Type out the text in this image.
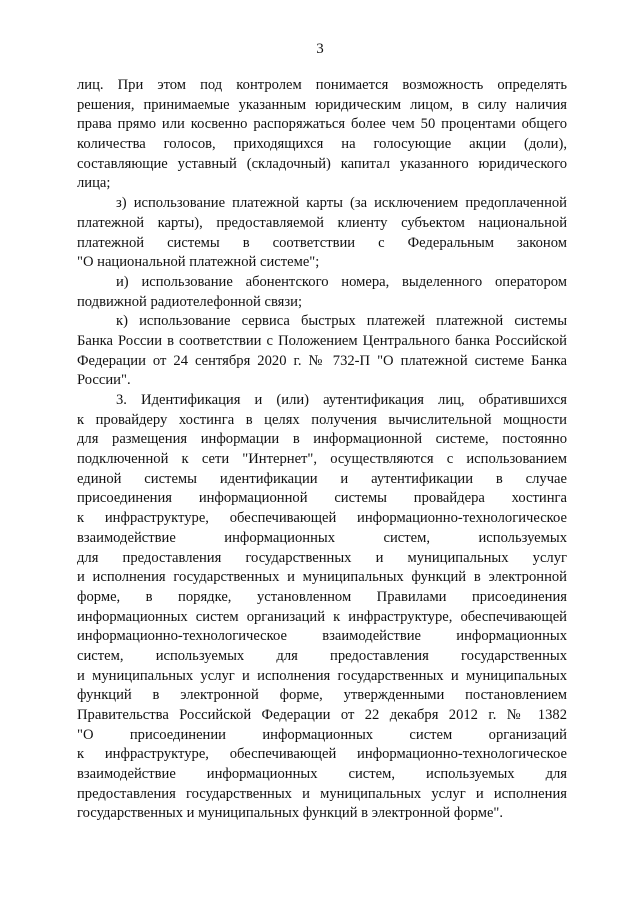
3
лиц. При этом под контролем понимается возможность определять
решения, принимаемые указанным юридическим лицом, в силу наличия
права прямо или косвенно распоряжаться более чем 50 процентами общего
количества голосов, приходящихся на голосующие акции (доли),
составляющие уставный (складочный) капитал указанного юридического
лица;
з) использование платежной карты (за исключением предоплаченной
платежной карты), предоставляемой клиенту субъектом национальной
платежной системы в соответствии с Федеральным законом
"О национальной платежной системе";
и) использование абонентского номера, выделенного оператором
подвижной радиотелефонной связи;
к) использование сервиса быстрых платежей платежной системы
Банка России в соответствии с Положением Центрального банка Российской
Федерации от 24 сентября 2020 г. № 732-П "О платежной системе Банка
России".
3. Идентификация и (или) аутентификация лиц, обратившихся
к провайдеру хостинга в целях получения вычислительной мощности
для размещения информации в информационной системе, постоянно
подключенной к сети "Интернет", осуществляются с использованием
единой системы идентификации и аутентификации в случае
присоединения информационной системы провайдера хостинга
к инфраструктуре, обеспечивающей информационно-технологическое
взаимодействие информационных систем, используемых
для предоставления государственных и муниципальных услуг
и исполнения государственных и муниципальных функций в электронной
форме, в порядке, установленном Правилами присоединения
информационных систем организаций к инфраструктуре, обеспечивающей
информационно-технологическое взаимодействие информационных
систем, используемых для предоставления государственных
и муниципальных услуг и исполнения государственных и муниципальных
функций в электронной форме, утвержденными постановлением
Правительства Российской Федерации от 22 декабря 2012 г. № 1382
"О присоединении информационных систем организаций
к инфраструктуре, обеспечивающей информационно-технологическое
взаимодействие информационных систем, используемых для
предоставления государственных и муниципальных услуг и исполнения
государственных и муниципальных функций в электронной форме".
